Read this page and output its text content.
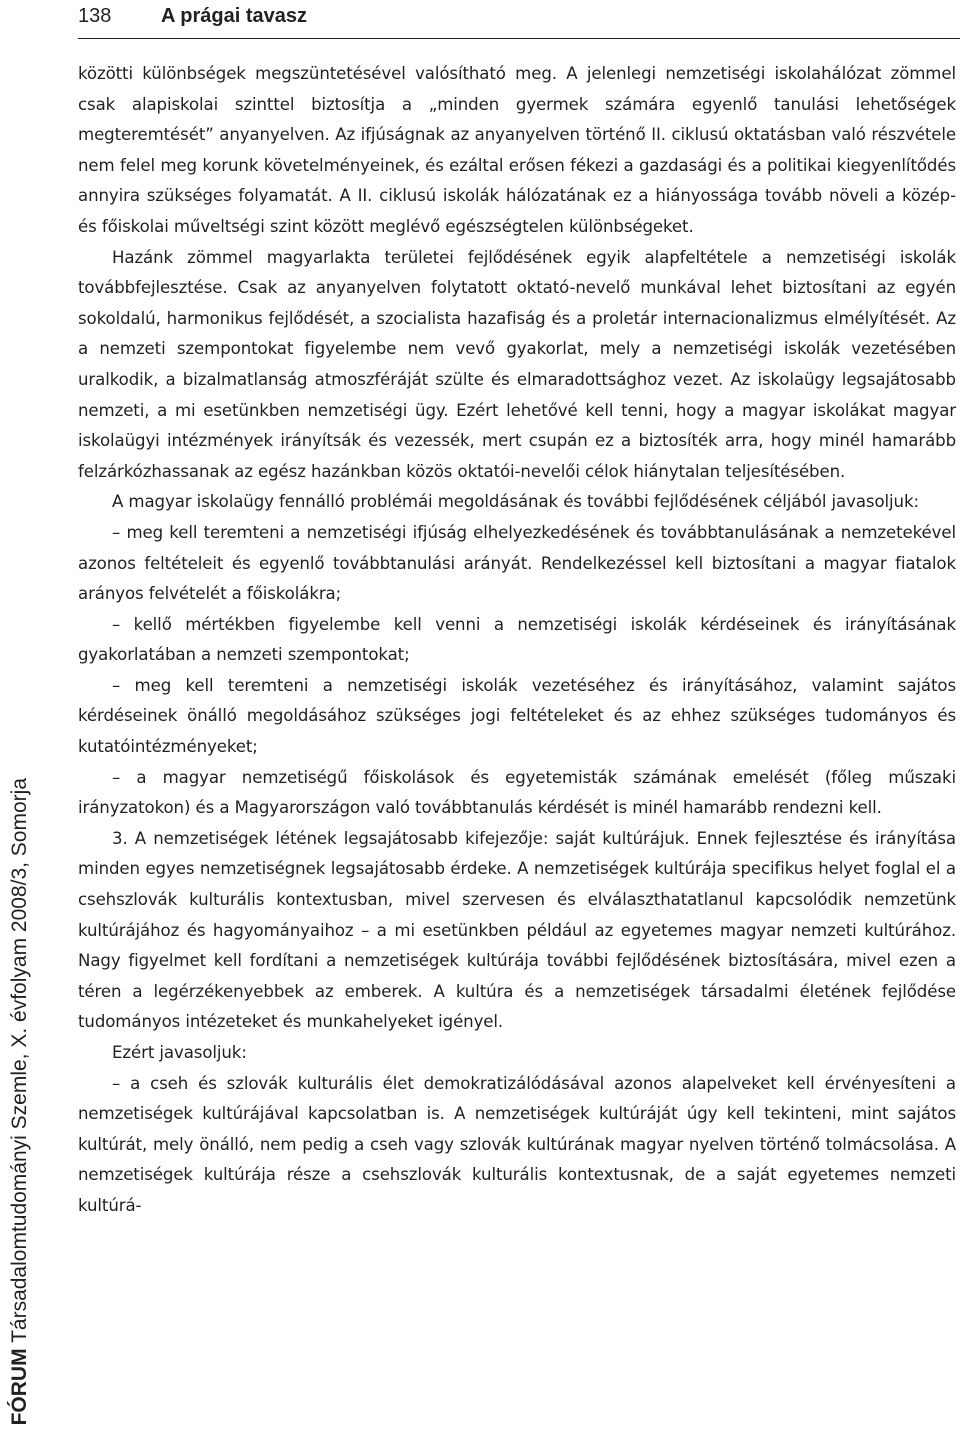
138 A prágai tavasz
FÓRUM Társadalomtudományi Szemle, X. évfolyam 2008/3, Somorja

közötti különbségek megszüntetésével valósítható meg. A jelenlegi nemzetiségi iskolahálózat zömmel csak alapiskolai szinttel biztosítja a „minden gyermek számára egyenlő tanulási lehetőségek megteremtését” anyanyelven. Az ifjúságnak az anyanyelven történő II. ciklusú oktatásban való részvétele nem felel meg korunk követelményeinek, és ezáltal erősen fékezi a gazdasági és a politikai kiegyenlítődés annyira szükséges folyamatát. A II. ciklusú iskolák hálózatának ez a hiányossága tovább növeli a közép- és főiskolai műveltségi szint között meglévő egészségtelen különbségeket.

Hazánk zömmel magyarlakta területei fejlődésének egyik alapfeltétele a nemzetiségi iskolák továbbfejlesztése. Csak az anyanyelven folytatott oktató-nevelő munkával lehet biztosítani az egyén sokoldalú, harmonikus fejlődését, a szocialista hazafiság és a proletár internacionalizmus elmélyítését. Az a nemzeti szempontokat figyelembe nem vevő gyakorlat, mely a nemzetiségi iskolák vezetésében uralkodik, a bizalmatlanság atmoszféráját szülte és elmaradottsághoz vezet. Az iskolaügy legsajátosabb nemzeti, a mi esetünkben nemzetiségi ügy. Ezért lehetővé kell tenni, hogy a magyar iskolákat magyar iskolaügyi intézmények irányítsák és vezessék, mert csupán ez a biztosíték arra, hogy minél hamarább felzárkózhassanak az egész hazánkban közös oktatói-nevelői célok hiánytalan teljesítésében.

A magyar iskolaügy fennálló problémái megoldásának és további fejlődésének céljából javasoljuk:

– meg kell teremteni a nemzetiségi ifjúság elhelyezkedésének és továbbtanulásának a nemzetekével azonos feltételeit és egyenlő továbbtanulási arányát. Rendelkezéssel kell biztosítani a magyar fiatalok arányos felvételét a főiskolákra;

– kellő mértékben figyelembe kell venni a nemzetiségi iskolák kérdéseinek és irányításának gyakorlatában a nemzeti szempontokat;

– meg kell teremteni a nemzetiségi iskolák vezetéséhez és irányításához, valamint sajátos kérdéseinek önálló megoldásához szükséges jogi feltételeket és az ehhez szükséges tudományos és kutatóintézményeket;

– a magyar nemzetiségű főiskolások és egyetemisták számának emelését (főleg műszaki irányzatokon) és a Magyarországon való továbbtanulás kérdését is minél hamarább rendezni kell.

3. A nemzetiségek létének legsajátosabb kifejezője: saját kultúrájuk. Ennek fejlesztése és irányítása minden egyes nemzetiségnek legsajátosabb érdeke. A nemzetiségek kultúrája specifikus helyet foglal el a csehszlovák kulturális kontextusban, mivel szervesen és elválaszthatatlanul kapcsolódik nemzetünk kultúrájához és hagyományaihoz – a mi esetünkben például az egyetemes magyar nemzeti kultúrához. Nagy figyelmet kell fordítani a nemzetiségek kultúrája további fejlődésének biztosítására, mivel ezen a téren a legérzékenyebbek az emberek. A kultúra és a nemzetiségek társadalmi életének fejlődése tudományos intézeteket és munkahelyeket igényel.

Ezért javasoljuk:

– a cseh és szlovák kulturális élet demokratizálódásával azonos alapelveket kell érvényesíteni a nemzetiségek kultúrájával kapcsolatban is. A nemzetiségek kultúráját úgy kell tekinteni, mint sajátos kultúrát, mely önálló, nem pedig a cseh vagy szlovák kultúrának magyar nyelven történő tolmácsolása. A nemzetiségek kultúrája része a csehszlovák kulturális kontextusnak, de a saját egyetemes nemzeti kultúrá-
